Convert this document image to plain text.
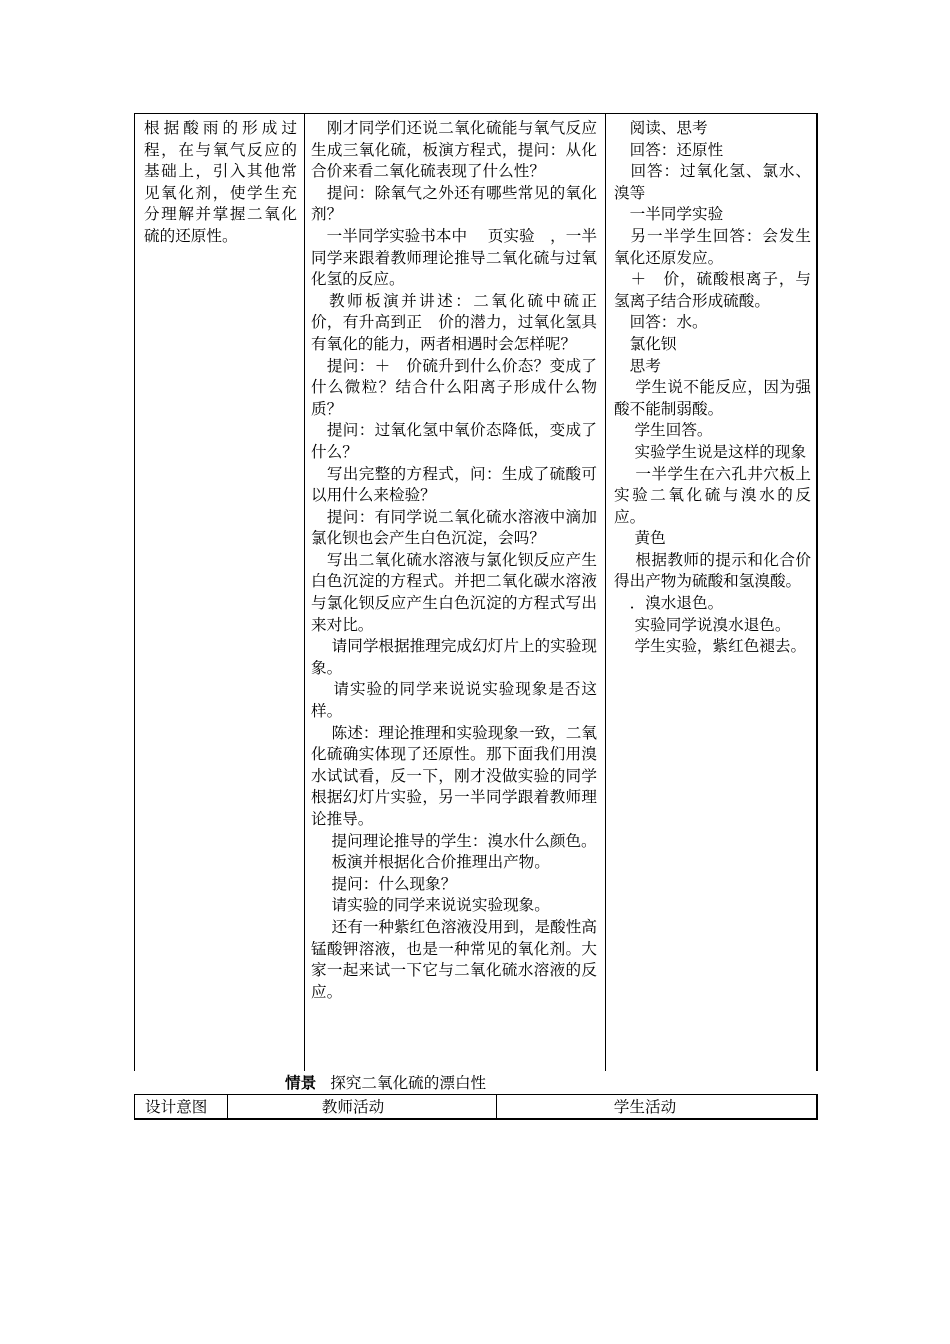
根据酸雨的形成过程，在与氧气反应的基础上，引入其他常见氧化剂，使学生充分理解并掌握二氧化硫的还原性。

　刚才同学们还说二氧化硫能与氧气反应生成三氧化硫，板演方程式，提问：从化合价来看二氧化硫表现了什么性？

　提问：除氧气之外还有哪些常见的氧化剂？

　一半同学实验书本中　 页实验　，一半同学来跟着教师理论推导二氧化硫与过氧化氢的反应。

　教师板演并讲述：二氧化硫中硫正　价，有升高到正　价的潜力，过氧化氢具有氧化的能力，两者相遇时会怎样呢？

　提问：＋　价硫升到什么价态？变成了什么微粒？结合什么阳离子形成什么物质？

　提问：过氧化氢中氧价态降低，变成了什么？

　写出完整的方程式，问：生成了硫酸可以用什么来检验？

　提问：有同学说二氧化硫水溶液中滴加氯化钡也会产生白色沉淀，会吗？

　写出二氧化硫水溶液与氯化钡反应产生白色沉淀的方程式。并把二氧化碳水溶液与氯化钡反应产生白色沉淀的方程式写出来对比。

　 请同学根据推理完成幻灯片上的实验现象。

　 请实验的同学来说说实验现象是否这样。

　 陈述：理论推理和实验现象一致，二氧化硫确实体现了还原性。那下面我们用溴水试试看，反一下，刚才没做实验的同学根据幻灯片实验，另一半同学跟着教师理论推导。

　 提问理论推导的学生：溴水什么颜色。

　 板演并根据化合价推理出产物。

　 提问：什么现象？

　 请实验的同学来说说实验现象。

　 还有一种紫红色溶液没用到，是酸性高锰酸钾溶液，也是一种常见的氧化剂。大家一起来试一下它与二氧化硫水溶液的反应。

　阅读、思考

　回答：还原性

　回答：过氧化氢、氯水、溴等

　一半同学实验

　另一半学生回答：会发生氧化还原发应。

　＋　价，硫酸根离子，与氢离子结合形成硫酸。

　回答：水。

　氯化钡

　思考

　 学生说不能反应，因为强酸不能制弱酸。

　 学生回答。

　 实验学生说是这样的现象

　 一半学生在六孔井穴板上实验二氧化硫与溴水的反应。

　 黄色

　 根据教师的提示和化合价得出产物为硫酸和氢溴酸。

　．溴水退色。

　 实验同学说溴水退色。

　 学生实验，紫红色褪去。

情景 探究二氧化硫的漂白性
设计意图	教师活动	学生活动
